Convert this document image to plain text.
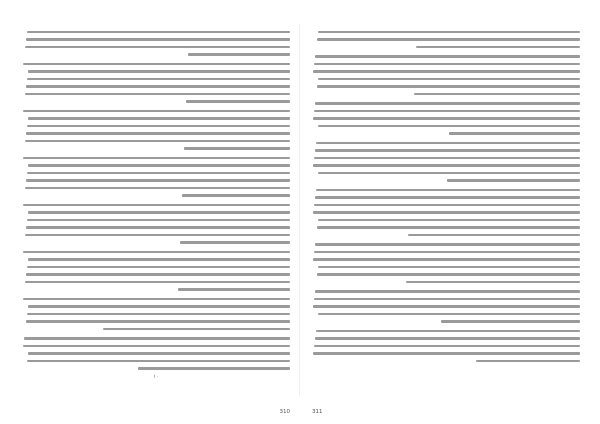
311
۱۰
310
